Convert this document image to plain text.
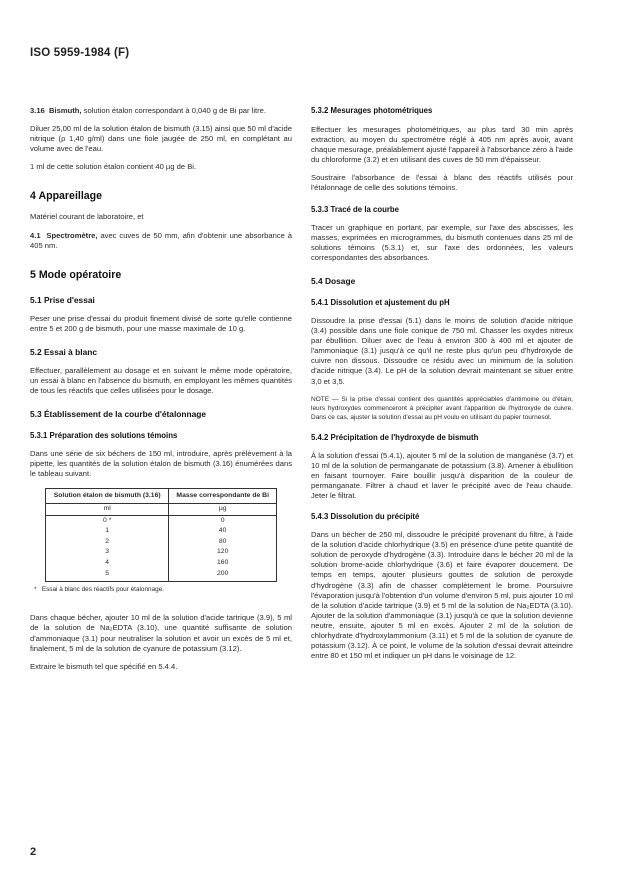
ISO 5959-1984 (F)

3.16 Bismuth, solution étalon correspondant à 0,040 g de Bi par litre.

Diluer 25,00 ml de la solution étalon de bismuth (3.15) ainsi que 50 ml d'acide nitrique (ρ 1,40 g/ml) dans une fiole jaugée de 250 ml, en complétant au volume avec de l'eau.

1 ml de cette solution étalon contient 40 µg de Bi.

4 Appareillage

Matériel courant de laboratoire, et

4.1 Spectromètre, avec cuves de 50 mm, afin d'obtenir une absorbance à 405 nm.

5 Mode opératoire
5.1 Prise d'essai

Peser une prise d'essai du produit finement divisé de sorte qu'elle contienne entre 5 et 200 g de bismuth, pour une masse maximale de 10 g.

5.2 Essai à blanc

Effectuer, parallèlement au dosage et en suivant le même mode opératoire, un essai à blanc en l'absence du bismuth, en employant les mêmes quantités de tous les réactifs que celles utilisées pour le dosage.

5.3 Établissement de la courbe d'étalonnage
5.3.1 Préparation des solutions témoins

Dans une série de six béchers de 150 ml, introduire, après prélèvement à la pipette, les quantités de la solution étalon de bismuth (3.16) énumérées dans le tableau suivant.

Solution étalon de bismuth (3.16)	Masse correspondante de Bi
ml	µg
0 *	0
1	40
2	80
3	120
4	160
5	200
* Essai à blanc des réactifs pour étalonnage.

Dans chaque bécher, ajouter 10 ml de la solution d'acide tartrique (3.9), 5 ml de la solution de Na₂EDTA (3.10), une quantité suffisante de solution d'ammoniaque (3.1) pour neutraliser la solution et avoir un excès de 5 ml et, finalement, 5 ml de la solution de cyanure de potassium (3.12).

Extraire le bismuth tel que spécifié en 5.4.4.

5.3.2 Mesurages photométriques

Effectuer les mesurages photométriques, au plus tard 30 min après extraction, au moyen du spectromètre réglé à 405 nm après avoir, avant chaque mesurage, préalablement ajusté l'appareil à l'absorbance zéro à l'aide du chloroforme (3.2) et en utilisant des cuves de 50 mm d'épaisseur.

Soustraire l'absorbance de l'essai à blanc des réactifs utilisés pour l'étalonnage de celle des solutions témoins.

5.3.3 Tracé de la courbe

Tracer un graphique en portant, par exemple, sur l'axe des abscisses, les masses, exprimées en microgrammes, du bismuth contenues dans 25 ml de solutions témoins (5.3.1) et, sur l'axe des ordonnées, les valeurs correspondantes des absorbances.

5.4 Dosage
5.4.1 Dissolution et ajustement du pH

Dissoudre la prise d'essai (5.1) dans le moins de solution d'acide nitrique (3.4) possible dans une fiole conique de 750 ml. Chasser les oxydes nitreux par ébullition. Diluer avec de l'eau à environ 300 à 400 ml et ajouter de l'ammoniaque (3.1) jusqu'à ce qu'il ne reste plus qu'un peu d'hydroxyde de cuivre non dissous. Dissoudre ce résidu avec un minimum de la solution d'acide nitrique (3.4). Le pH de la solution devrait maintenant se situer entre 3,0 et 3,5.

NOTE — Si la prise d'essai contient des quantités appréciables d'antimoine ou d'étain, leurs hydroxydes commenceront à précipiter avant l'apparition de l'hydroxyde de cuivre. Dans ce cas, ajuster la solution d'essai au pH voulu en utilisant du papier tournesol.

5.4.2 Précipitation de l'hydroxyde de bismuth

À la solution d'essai (5.4.1), ajouter 5 ml de la solution de manganèse (3.7) et 10 ml de la solution de permanganate de potassium (3.8). Amener à ébullition en faisant tournoyer. Faire bouillir jusqu'à disparition de la couleur de permanganate. Filtrer à chaud et laver le précipité avec de l'eau chaude. Jeter le filtrat.

5.4.3 Dissolution du précipité

Dans un bécher de 250 ml, dissoudre le précipité provenant du filtre, à l'aide de la solution d'acide chlorhydrique (3.5) en présence d'une petite quantité de solution de peroxyde d'hydrogène (3.3). Introduire dans le bécher 20 ml de la solution brome-acide chlorhydrique (3.6) et faire évaporer doucement. De temps en temps, ajouter plusieurs gouttes de solution de peroxyde d'hydrogène (3.3) afin de chasser complètement le brome. Poursuivre l'évaporation jusqu'à l'obtention d'un volume d'environ 5 ml, puis ajouter 10 ml de la solution d'acide tartrique (3.9) et 5 ml de la solution de Na₂EDTA (3.10). Ajouter de la solution d'ammoniaque (3.1) jusqu'à ce que la solution devienne neutre, ensuite, ajouter 5 ml en excès. Ajouter 2 ml de la solution de chlorhydrate d'hydroxylammonium (3.11) et 5 ml de la solution de cyanure de potassium (3.12). À ce point, le volume de la solution d'essai devrait atteindre entre 80 et 150 ml et indiquer un pH dans le voisinage de 12.

2
